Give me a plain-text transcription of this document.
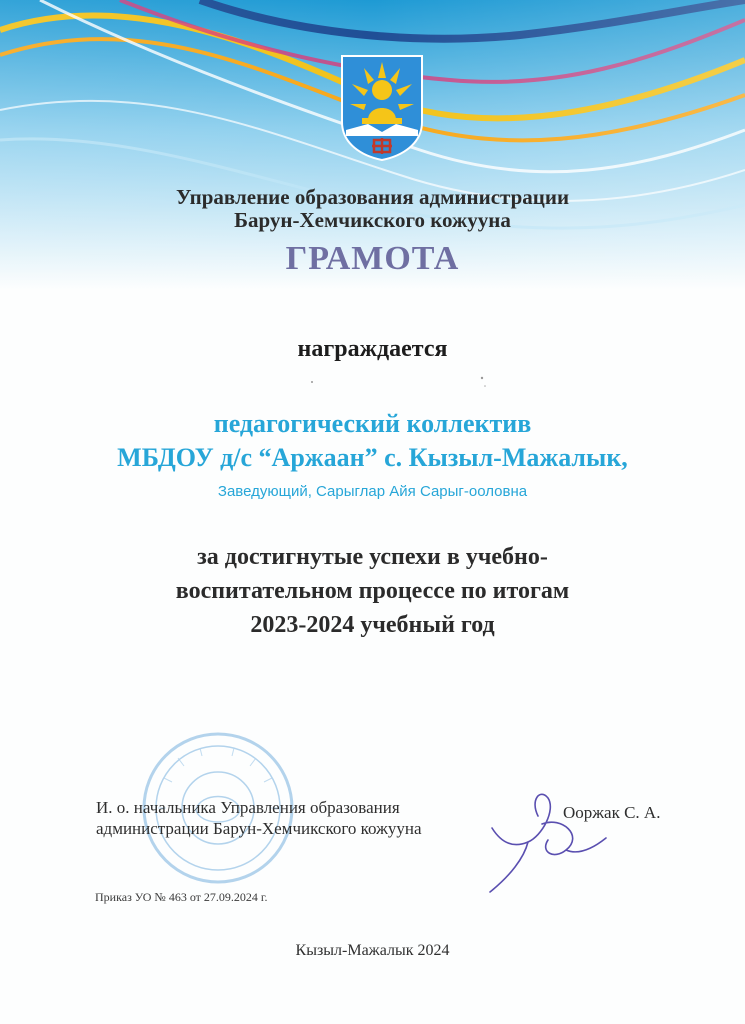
Управление образования администрации
Барун-Хемчикского кожууна
ГРАМОТА
награждается
педагогический коллектив
МБДОУ д/с “Аржаан” с. Кызыл-Мажалык,
Заведующий, Сарыглар Айя Сарыг-ооловна
за достигнутые успехи в учебно-
воспитательном процессе по итогам
2023-2024 учебный год
И. о. начальника Управления образования
администрации Барун-Хемчикского кожууна
Ооржак С. А.
Приказ УО № 463 от 27.09.2024 г.
Кызыл-Мажалык 2024
